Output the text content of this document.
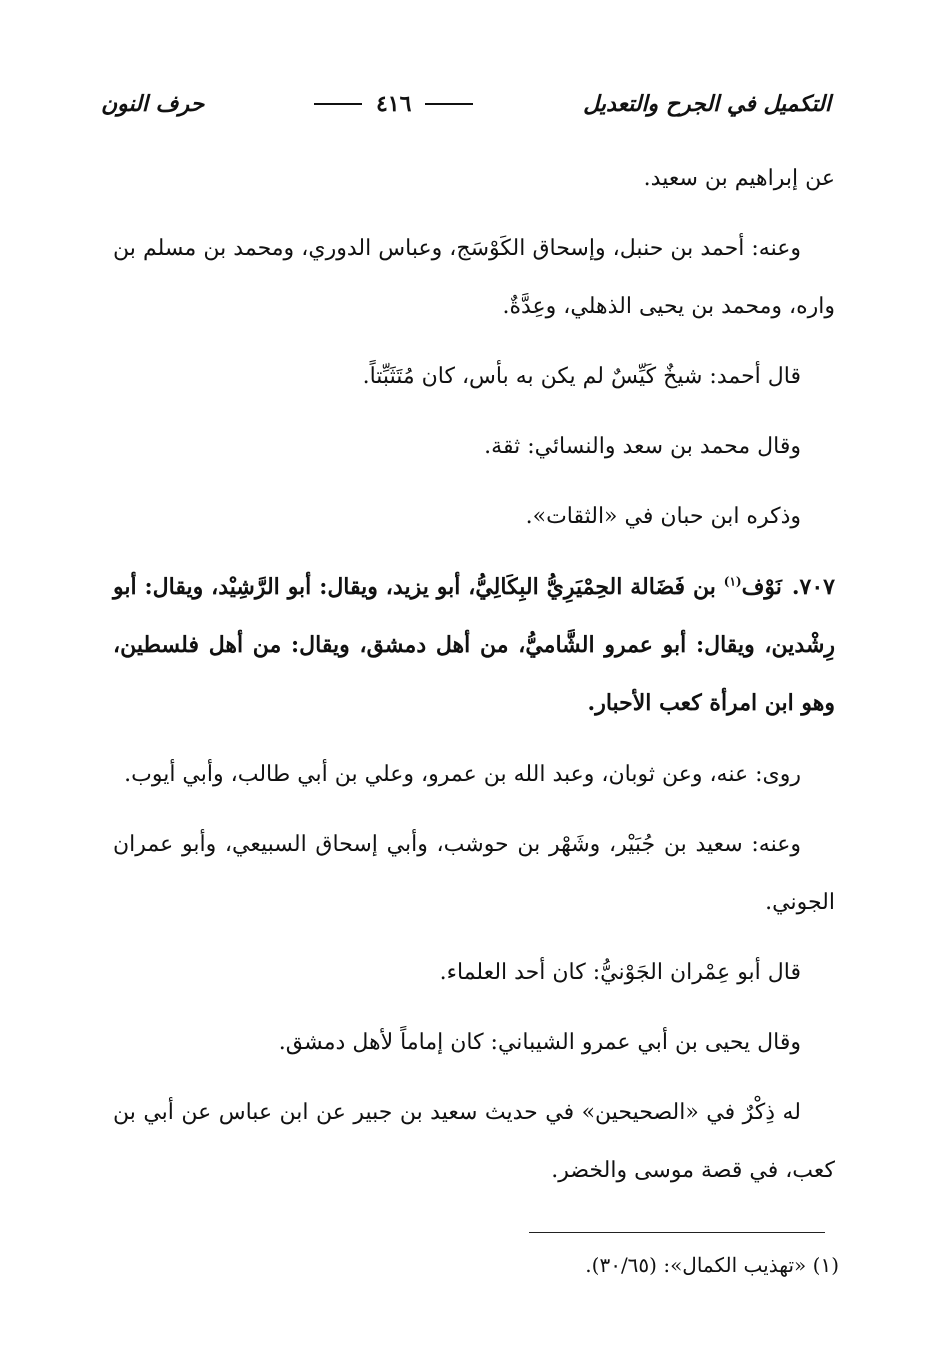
التكميل في الجرح والتعديل
٤١٦
حرف النون

عن إبراهيم بن سعيد.

وعنه: أحمد بن حنبل، وإسحاق الكَوْسَج، وعباس الدوري، ومحمد بن مسلم بن واره، ومحمد بن يحيى الذهلي، وعِدَّةٌ.

قال أحمد: شيخٌ كَيِّسٌ لم يكن به بأس، كان مُتَثَبِّتاً.

وقال محمد بن سعد والنسائي: ثقة.

وذكره ابن حبان في «الثقات».

٧٠٧.نَوْف$^{(١)}$ بن فَضَالة الحِمْيَرِيُّ البِكَالِيُّ، أبو يزيد، ويقال: أبو الرَّشِيْد، ويقال: أبو رِشْدين، ويقال: أبو عمرو الشَّاميُّ، من أهل دمشق، ويقال: من أهل فلسطين، وهو ابن امرأة كعب الأحبار.

روى: عنه، وعن ثوبان، وعبد الله بن عمرو، وعلي بن أبي طالب، وأبي أيوب.

وعنه: سعيد بن جُبَيْر، وشَهْر بن حوشب، وأبي إسحاق السبيعي، وأبو عمران الجوني.

قال أبو عِمْران الجَوْنيُّ: كان أحد العلماء.

وقال يحيى بن أبي عمرو الشيباني: كان إماماً لأهل دمشق.

له ذِكْرٌ في «الصحيحين» في حديث سعيد بن جبير عن ابن عباس عن أبي بن كعب، في قصة موسى والخضر.

(١) «تهذيب الكمال»: (٣٠/٦٥).
